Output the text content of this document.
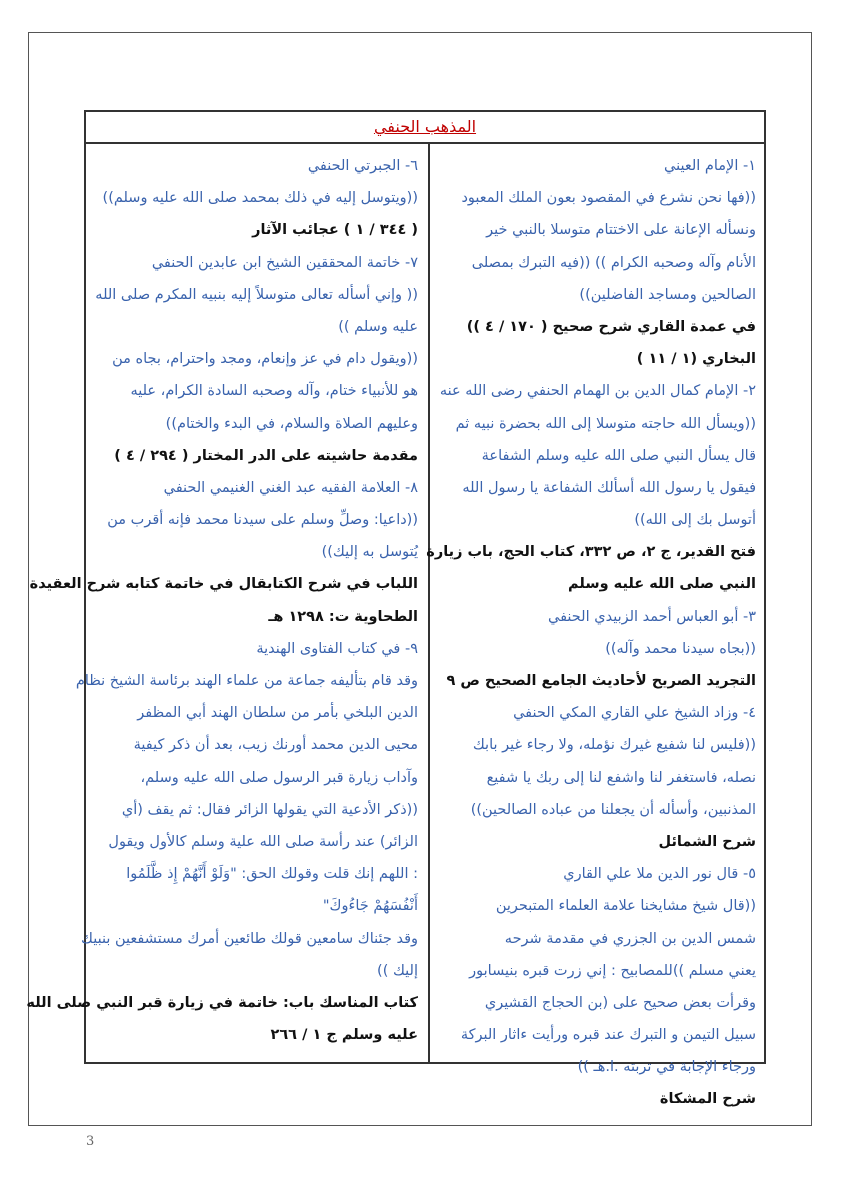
المذهب الحنفي
١- الإمام العيني
((فها نحن نشرع في المقصود بعون الملك المعبود
ونسأله الإعانة على الاختتام متوسلا بالنبي خير
الأنام وآله وصحبه الكرام )) ((فيه التبرك بمصلى
الصالحين ومساجد الفاضلين))
في عمدة القاري شرح صحيح ( ١٧٠ / ٤ ))
البخاري (١ / ١١ )
٢- الإمام كمال الدين بن الهمام الحنفي رضى الله عنه
((ويسأل الله حاجته متوسلا إلى الله بحضرة نبيه ثم
قال يسأل النبي صلى الله عليه وسلم الشفاعة
فيقول يا رسول الله أسألك الشفاعة يا رسول الله
أتوسل بك إلى الله))
فتح القدير، ج ٢، ص ٣٣٢، كتاب الحج، باب زيارة
النبي صلى الله عليه وسلم
٣- أبو العباس أحمد الزبيدي الحنفي
((بجاه سيدنا محمد وآله))
التجريد الصريح لأحاديث الجامع الصحيح ص ٩
٤- وزاد الشيخ علي القاري المكي الحنفي
((فليس لنا شفيع غيرك نؤمله، ولا رجاء غير بابك
نصله، فاستغفر لنا واشفع لنا إلى ربك يا شفيع
المذنبين، وأسأله أن يجعلنا من عباده الصالحين))
شرح الشمائل
٥- قال نور الدين ملا علي القاري
((قال شيخ مشايخنا علامة العلماء المتبحرين
شمس الدين بن الجزري في مقدمة شرحه
يعني مسلم ))للمصابيح : إني زرت قبره بنيسابور
وقرأت بعض صحيح على (بن الحجاج القشيري
سبيل التيمن و التبرك عند قبره ورأيت ءاثار البركة
ورجاء الإجابة في تربته .ا.هـ ))
شرح المشكاة
٦- الجبرتي الحنفي
((ويتوسل إليه في ذلك بمحمد صلى الله عليه وسلم))
( ٣٤٤ / ١ ) عجائب الآثار
٧- خاتمة المحققين الشيخ ابن عابدين الحنفي
(( وإني أسأله تعالى متوسلاً إليه بنبيه المكرم صلى الله
عليه وسلم ))
((ويقول دام في عز وإنعام، ومجد واحترام، بجاه من
هو للأنبياء ختام، وآله وصحبه السادة الكرام، عليه
وعليهم الصلاة والسلام، في البدء والختام))
مقدمة حاشيته على الدر المختار ( ٢٩٤ / ٤ )
٨- العلامة الفقيه عبد الغني الغنيمي الحنفي
((داعيا: وصلِّ وسلم على سيدنا محمد فإنه أقرب من
يُتوسل به إليك))
اللباب في شرح الكتابقال في خاتمة كتابه شرح العقيدة
الطحاوية ت: ١٢٩٨ هـ
٩- في كتاب الفتاوى الهندية
وقد قام بتأليفه جماعة من علماء الهند برئاسة الشيخ نظام
الدين البلخي بأمر من سلطان الهند أبي المظفر
محيى الدين محمد أورنك زيب، بعد أن ذكر كيفية
وآداب زيارة قبر الرسول صلى الله عليه وسلم،
((ذكر الأدعية التي يقولها الزائر فقال: ثم يقف (أي
الزائر) عند رأسة صلى الله علية وسلم كالأول ويقول
: اللهم إنك قلت وقولك الحق: "وَلَوْ أَنَّهُمْ إِذ ظَّلَمُوا
أَنْفُسَهُمْ جَاءُوكَ"
وقد جئناك سامعين قولك طائعين أمرك مستشفعين بنبيك
إليك ))
كتاب المناسك باب: خاتمة في زيارة قبر النبي صلى الله
عليه وسلم ج ١ / ٢٦٦
3
